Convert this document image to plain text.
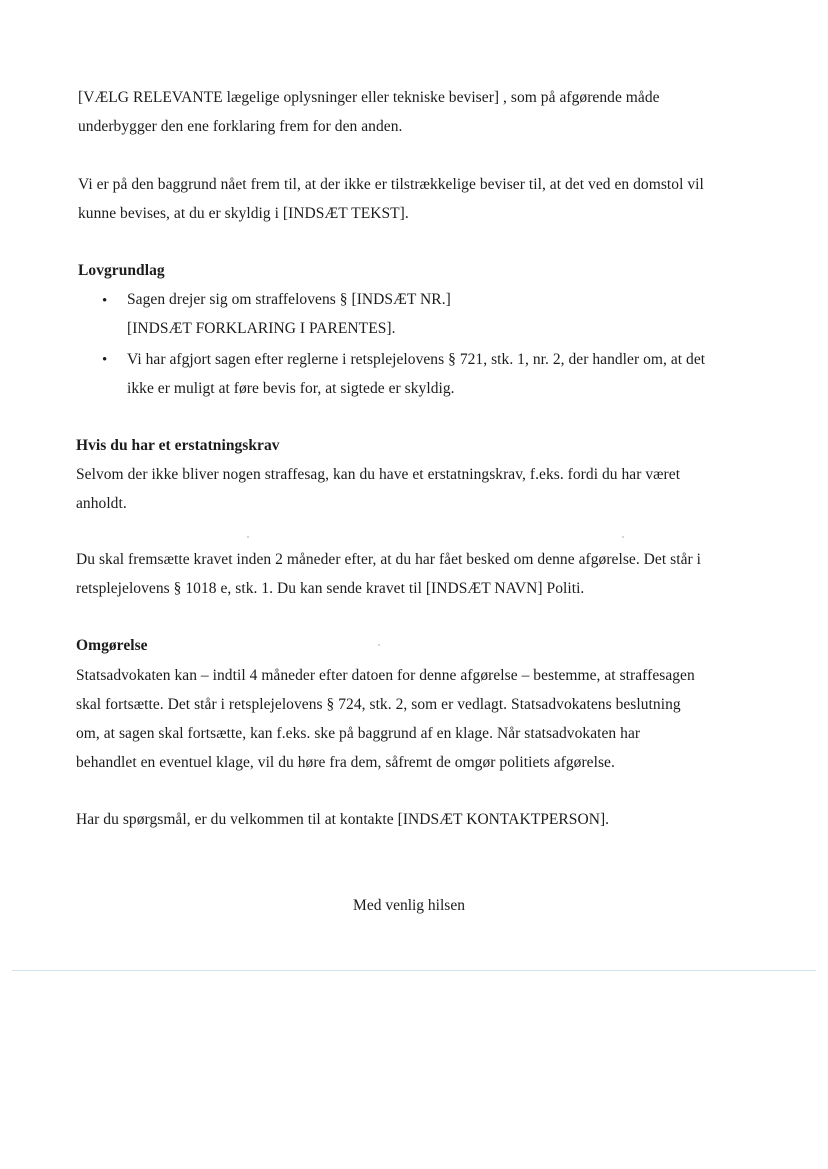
[VÆLG RELEVANTE lægelige oplysninger eller tekniske beviser] , som på afgørende måde
underbygger den ene forklaring frem for den anden.
Vi er på den baggrund nået frem til, at der ikke er tilstrækkelige beviser til, at det ved en domstol vil
kunne bevises, at du er skyldig i [INDSÆT TEKST].
Lovgrundlag
• Sagen drejer sig om straffelovens § [INDSÆT NR.]
[INDSÆT FORKLARING I PARENTES].
• Vi har afgjort sagen efter reglerne i retsplejelovens § 721, stk. 1, nr. 2, der handler om, at det
ikke er muligt at føre bevis for, at sigtede er skyldig.
Hvis du har et erstatningskrav
Selvom der ikke bliver nogen straffesag, kan du have et erstatningskrav, f.eks. fordi du har været
anholdt.
Du skal fremsætte kravet inden 2 måneder efter, at du har fået besked om denne afgørelse. Det står i
retsplejelovens § 1018 e, stk. 1. Du kan sende kravet til [INDSÆT NAVN] Politi.
Omgørelse
Statsadvokaten kan – indtil 4 måneder efter datoen for denne afgørelse – bestemme, at straffesagen
skal fortsætte. Det står i retsplejelovens § 724, stk. 2, som er vedlagt. Statsadvokatens beslutning
om, at sagen skal fortsætte, kan f.eks. ske på baggrund af en klage. Når statsadvokaten har
behandlet en eventuel klage, vil du høre fra dem, såfremt de omgør politiets afgørelse.
Har du spørgsmål, er du velkommen til at kontakte [INDSÆT KONTAKTPERSON].
Med venlig hilsen
